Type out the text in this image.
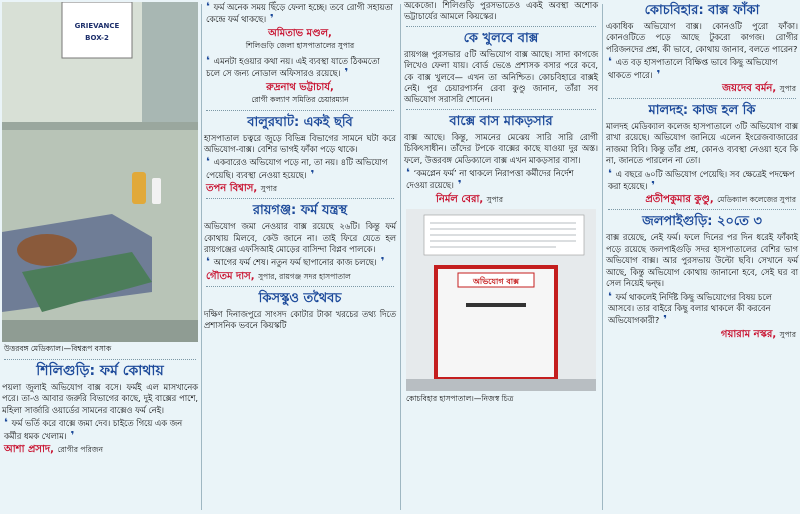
GRIEVANCE
BOX-2
উত্তরবঙ্গ মেডিক্যাল।—বিশ্বরূপ বসাক
শিলিগুড়ি: ফর্ম কোথায়
পয়লা জুলাই অভিযোগ বাক্স বসে। ফর্মই এল মাসখানেক পরে। তা-ও আবার জরুরি বিভাগের কাছে, দুই বাক্সের পাশে, মহিলা সার্জারি ওয়ার্ডের সামনের বাক্সেও ফর্ম নেই।
❛ ফর্ম ভর্তি করে বাক্সে জমা দেব। চাইতে গিয়ে এক জন কর্মীর ধমক খেলাম। ❜
আশা প্রসাদ, রোগীর পরিজন
❛ ফর্ম অনেক সময় ছিঁড়ে ফেলা হচ্ছে। তবে রোগী সহায়তা কেন্দ্রে ফর্ম থাকছে। ❜
অমিতাভ মণ্ডল,
শিলিগুড়ি জেলা হাসপাতালের সুপার
❛ এমনটা হওয়ার কথা নয়। এই ব্যবস্থা যাতে ঠিকমতো চলে সে জন্য নোডাল অফিসারও রয়েছে। ❜
রুদ্রনাথ ভট্টাচার্য,
রোগী কল্যাণ সমিতির চেয়ারম্যান
বালুরঘাট: একই ছবি
হাসপাতাল চত্বরে জুড়ে বিভিন্ন বিভাগের সামনে ঘটা করে অভিযোগ-বাক্স। বেশির ভাগই ফাঁকা পড়ে থাকে।
❛ একবারেও অভিযোগ পড়ে না, তা নয়। ৪টি অভিযোগ পেয়েছি। ব্যবস্থা নেওয়া হয়েছে। ❜
তপন বিশ্বাস, সুপার
রায়গঞ্জ: ফর্ম যন্ত্রস্থ
অভিযোগ জমা নেওয়ার বাক্স রয়েছে ২৬টি। কিন্তু ফর্ম কোথায় মিলবে, কেউ জানে না। তাই ফিরে যেতে হল রায়গঞ্জের এফসিআই মোড়ের বাসিন্দা বিপ্লব পালকে।
❛ আগের ফর্ম শেষ। নতুন ফর্ম ছাপানোর কাজ চলছে। ❜
গৌতম দাস, সুপার, রায়গঞ্জ সদর হাসপাতাল
কিসস্কুও তথৈবচ
দক্ষিণ দিনাজপুরে সাংসদ কোটার টাকা খরচের তথ্য দিতে প্রশাসনিক ভবনে কিয়স্কটি
অকেজো। শিলিগুড়ি পুরসভাতেও একই অবস্থা অশোক ভট্টাচার্যের আমলে কিয়স্কের।
কে খুলবে বাক্স
রায়গঞ্জ পুরসভার ৫টি অভিযোগ বাক্স আছে। সাদা কাগজে লিখেও ফেলা যায়। বোর্ড ভেঙে প্রশাসক বসার পরে কবে, কে বাক্স খুলবে— এখন তা অনিশ্চিত। কোচবিহারে বাক্সই নেই। পুর চেয়ারপার্সন রেবা কুণ্ডু জানান, তাঁরা সব অভিযোগ সরাসরি শোনেন।
বাক্সে বাস মাকড়সার
বাক্স আছে। কিন্তু, সামনের মেঝেয় সারি সারি রোগী চিকিৎসাধীন। তাঁদের টপকে বাক্সের কাছে যাওয়া দুর অস্ত। ফলে, উত্তরবঙ্গ মেডিক্যালে বাক্স এখন মাকড়সার বাসা।
❛ ‘কমপ্লেন ফর্ম’ না থাকলে নিরাপত্তা কর্মীদের নির্দেশ দেওয়া রয়েছে। ❜
নির্মল বেরা, সুপার
অভিযোগ বাক্স
কোচবিহার হাসপাতাল।—নিজস্ব চিত্র
কোচবিহার: বাক্স ফাঁকা
একাধিক অভিযোগ বাক্স। কোনওটি পুরো ফাঁকা। কোনওটিতে পড়ে আছে টুকরো কাগজ। রোগীর পরিজনদের প্রশ্ন, কী ভাবে, কোথায় জানাব, বলতে পারেন?
❛ এত বড় হাসপাতালে বিক্ষিপ্ত ভাবে কিছু অভিযোগ থাকতে পারে। ❜
জয়দেব বর্মন, সুপার
মালদহ: কাজ হল কি
মালদহ মেডিক্যাল কলেজ হাসপাতালে ৩টি অভিযোগ বাক্স রাখা রয়েছে। অভিযোগ জানিয়ে এলেন ইংরেজবাজারের নাজমা বিবি। কিন্তু তাঁর প্রশ্ন, কোনও ব্যবস্থা নেওয়া হবে কি না, জানতে পারলেন না তো।
❛ এ বছরে ৬০টি অভিযোগ পেয়েছি। সব ক্ষেত্রেই পদক্ষেপ করা হয়েছে। ❜
প্রতীপকুমার কুণ্ডু, মেডিক্যাল কলেজের সুপার
জলপাইগুড়ি: ২০তে ৩
বাক্স রয়েছে, নেই ফর্ম। ফলে দিনের পর দিন ধরেই ফাঁকাই পড়ে রয়েছে জলপাইগুড়ি সদর হাসপাতালের বেশির ভাগ অভিযোগ বাক্স। আর পুরসভায় উল্টো ছবি। সেখানে ফর্ম আছে, কিন্তু অভিযোগ কোথায় জানানো হবে, সেই ঘর বা সেল নিয়েই দ্বন্দ্ব।
❛ ফর্ম থাকলেই নির্দিষ্ট কিছু অভিযোগের বিষয় চলে আসবে। তার বাইরে কিছু বলার থাকলে কী করবেন অভিযোগকারী? ❜
গয়ারাম নস্কর, সুপার
